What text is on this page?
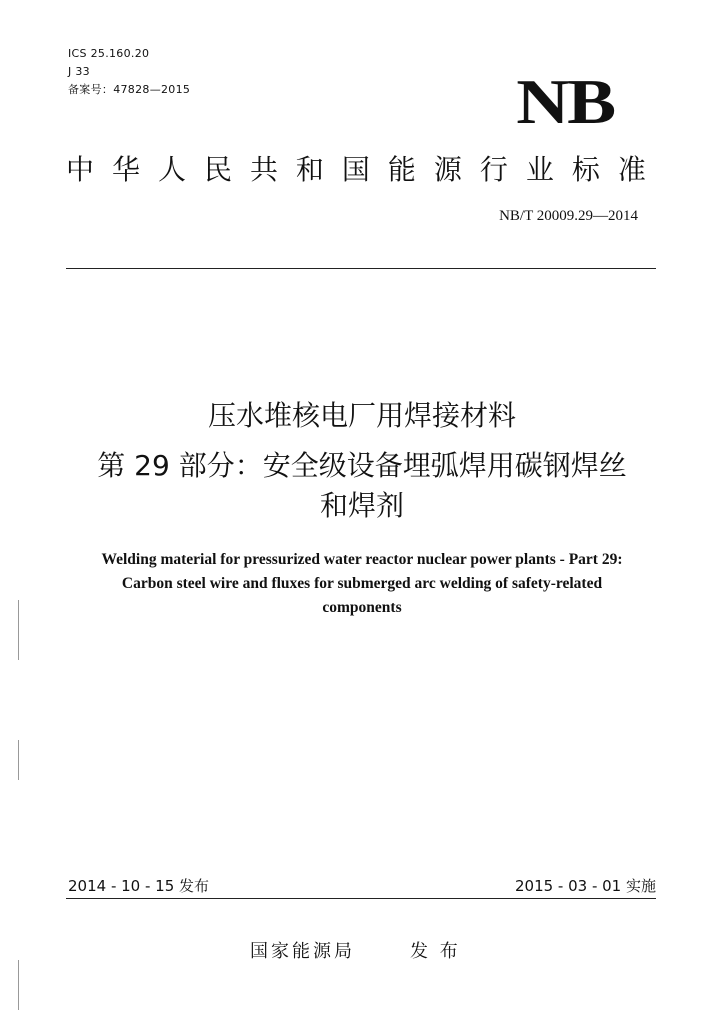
ICS 25.160.20
J 33
备案号：47828—2015	NB
中 华 人 民 共 和 国 能 源 行 业 标 准
NB/T 20009.29—2014
压水堆核电厂用焊接材料
第 29 部分：安全级设备埋弧焊用碳钢焊丝
和焊剂
Welding material for pressurized water reactor nuclear power plants - Part 29:
Carbon steel wire and fluxes for submerged arc welding of safety-related
components
2014 - 10 - 15 发布	2015 - 03 - 01 实施
国家能源局	发 布
